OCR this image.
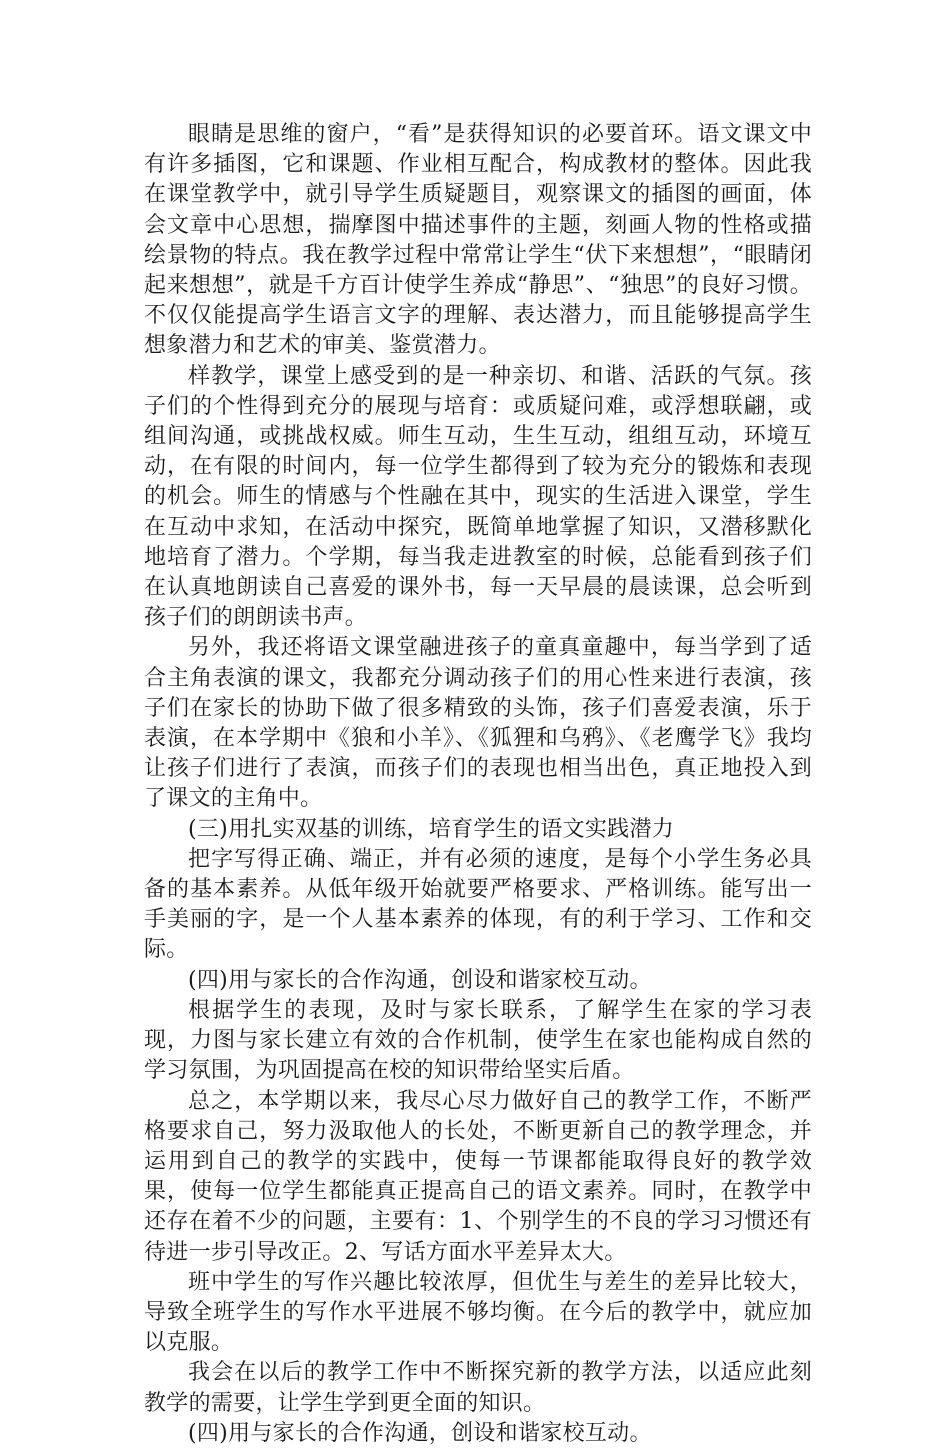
眼睛是思维的窗户，“看”是获得知识的必要首环。语文课文中有许多插图，它和课题、作业相互配合，构成教材的整体。因此我在课堂教学中，就引导学生质疑题目，观察课文的插图的画面，体会文章中心思想，揣摩图中描述事件的主题，刻画人物的性格或描绘景物的特点。我在教学过程中常常让学生“伏下来想想”，“眼睛闭起来想想”，就是千方百计使学生养成“静思”、“独思”的良好习惯。不仅仅能提高学生语言文字的理解、表达潜力，而且能够提高学生想象潜力和艺术的审美、鉴赏潜力。

样教学，课堂上感受到的是一种亲切、和谐、活跃的气氛。孩子们的个性得到充分的展现与培育：或质疑问难，或浮想联翩，或组间沟通，或挑战权威。师生互动，生生互动，组组互动，环境互动，在有限的时间内，每一位学生都得到了较为充分的锻炼和表现的机会。师生的情感与个性融在其中，现实的生活进入课堂，学生在互动中求知，在活动中探究，既简单地掌握了知识，又潜移默化地培育了潜力。个学期，每当我走进教室的时候，总能看到孩子们在认真地朗读自己喜爱的课外书，每一天早晨的晨读课，总会听到孩子们的朗朗读书声。

另外，我还将语文课堂融进孩子的童真童趣中，每当学到了适合主角表演的课文，我都充分调动孩子们的用心性来进行表演，孩子们在家长的协助下做了很多精致的头饰，孩子们喜爱表演，乐于表演，在本学期中《狼和小羊》、《狐狸和乌鸦》、《老鹰学飞》我均让孩子们进行了表演，而孩子们的表现也相当出色，真正地投入到了课文的主角中。

(三)用扎实双基的训练，培育学生的语文实践潜力

把字写得正确、端正，并有必须的速度，是每个小学生务必具备的基本素养。从低年级开始就要严格要求、严格训练。能写出一手美丽的字，是一个人基本素养的体现，有的利于学习、工作和交际。

(四)用与家长的合作沟通，创设和谐家校互动。

根据学生的表现，及时与家长联系，了解学生在家的学习表现，力图与家长建立有效的合作机制，使学生在家也能构成自然的学习氛围，为巩固提高在校的知识带给坚实后盾。

总之，本学期以来，我尽心尽力做好自己的教学工作，不断严格要求自己，努力汲取他人的长处，不断更新自己的教学理念，并运用到自己的教学的实践中，使每一节课都能取得良好的教学效果，使每一位学生都能真正提高自己的语文素养。同时，在教学中还存在着不少的问题，主要有：1、个别学生的不良的学习习惯还有待进一步引导改正。2、写话方面水平差异太大。

班中学生的写作兴趣比较浓厚，但优生与差生的差异比较大，导致全班学生的写作水平进展不够均衡。在今后的教学中，就应加以克服。

我会在以后的教学工作中不断探究新的教学方法，以适应此刻教学的需要，让学生学到更全面的知识。

(四)用与家长的合作沟通，创设和谐家校互动。
